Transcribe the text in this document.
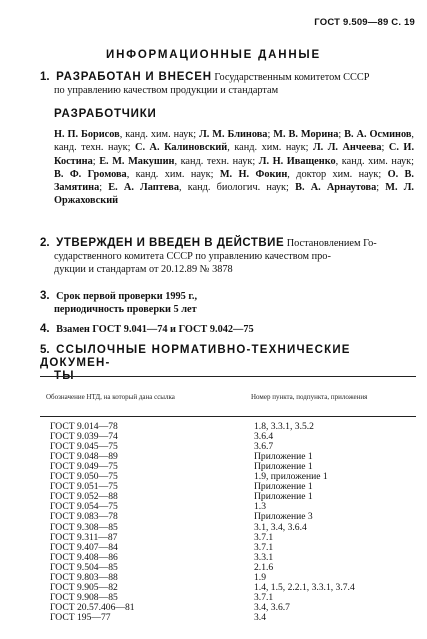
ГОСТ 9.509—89 С. 19
ИНФОРМАЦИОННЫЕ ДАННЫЕ
1. РАЗРАБОТАН И ВНЕСЕН Государственным комитетом СССР
по управлению качеством продукции и стандартам
РАЗРАБОТЧИКИ
Н. П. Борисов, канд. хим. наук; Л. М. Блинова; М. В. Морина; В. А. Осминов, канд. техн. наук; С. А. Калиновский, канд. хим. наук; Л. Л. Анчеева; С. И. Костина; Е. М. Макушин, канд. техн. наук; Л. Н. Иващенко, канд. хим. наук; В. Ф. Громова, канд. хим. наук; М. Н. Фокин, доктор хим. наук; О. В. Замятина; Е. А. Лаптева, канд. биологич. наук; В. А. Арнаутова; М. Л. Оржаховский
2. УТВЕРЖДЕН И ВВЕДЕН В ДЕЙСТВИЕ Постановлением Го-
сударственного комитета СССР по управлению качеством про-
дукции и стандартам от 20.12.89 № 3878
3. Срок первой проверки 1995 г.,
периодичность проверки 5 лет
4. Взамен ГОСТ 9.041—74 и ГОСТ 9.042—75
5. ССЫЛОЧНЫЕ НОРМАТИВНО-ТЕХНИЧЕСКИЕ ДОКУМЕН-
ТЫ
Обозначение НТД, на который дана ссылка	Номер пункта, подпункта, приложения
ГОСТ 9.014—78	1.8, 3.3.1, 3.5.2
ГОСТ 9.039—74	3.6.4
ГОСТ 9.045—75	3.6.7
ГОСТ 9.048—89	Приложение 1
ГОСТ 9.049—75	Приложение 1
ГОСТ 9.050—75	1.9, приложение 1
ГОСТ 9.051—75	Приложение 1
ГОСТ 9.052—88	Приложение 1
ГОСТ 9.054—75	1.3
ГОСТ 9.083—78	Приложение 3
ГОСТ 9.308—85	3.1, 3.4, 3.6.4
ГОСТ 9.311—87	3.7.1
ГОСТ 9.407—84	3.7.1
ГОСТ 9.408—86	3.3.1
ГОСТ 9.504—85	2.1.6
ГОСТ 9.803—88	1.9
ГОСТ 9.905—82	1.4, 1.5, 2.2.1, 3.3.1, 3.7.4
ГОСТ 9.908—85	3.7.1
ГОСТ 20.57.406—81	3.4, 3.6.7
ГОСТ 195—77	3.4
